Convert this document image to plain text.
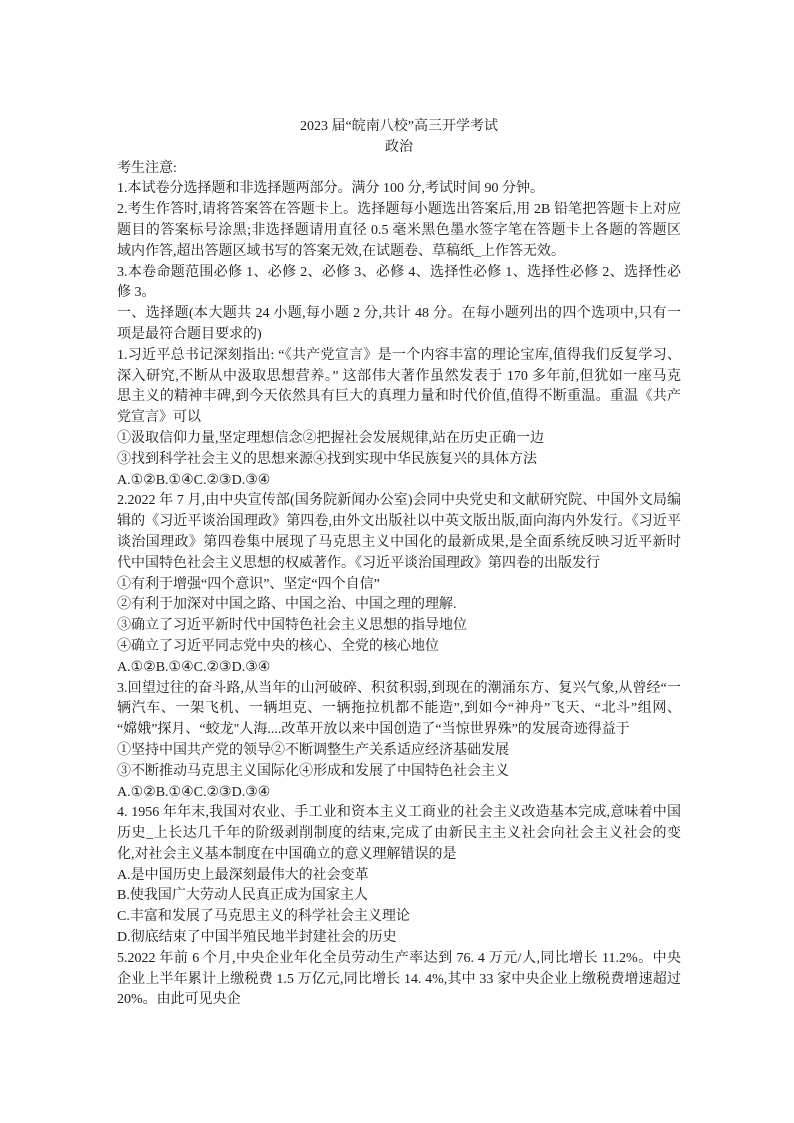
2023 届“皖南八校”高三开学考试
政治
考生注意:
1.本试卷分选择题和非选择题两部分。满分 100 分,考试时间 90 分钟。
2.考生作答时,请将答案答在答题卡上。选择题每小题选出答案后,用 2B 铅笔把答题卡上对应
题目的答案标号涂黑;非选择题请用直径 0.5 毫米黑色墨水签字笔在答题卡上各题的答题区
域内作答,超出答题区域书写的答案无效,在试题卷、草稿纸_上作答无效。
3.本卷命题范围必修 1、必修 2、必修 3、必修 4、选择性必修 1、选择性必修 2、选择性必
修 3。
一、选择题(本大题共 24 小题,每小题 2 分,共计 48 分。在每小题列出的四个选项中,只有一
项是最符合题目要求的)
1.习近平总书记深刻指出: “《共产党宣言》是一个内容丰富的理论宝库,值得我们反复学习、
深入研究,不断从中汲取思想营养。” 这部伟大著作虽然发表于 170 多年前,但犹如一座马克
思主义的精神丰碑,到今天依然具有巨大的真理力量和时代价值,值得不断重温。重温《共产
党宣言》可以
①汲取信仰力量,坚定理想信念②把握社会发展规律,站在历史正确一边
③找到科学社会主义的思想来源④找到实现中华民族复兴的具体方法
A.①②B.①④C.②③D.③④
2.2022 年 7 月,由中央宣传部(国务院新闻办公室)会同中央党史和文献研究院、中国外文局编
辑的《习近平谈治国理政》第四卷,由外文出版社以中英文版出版,面向海内外发行。《习近平
谈治国理政》第四卷集中展现了马克思主义中国化的最新成果,是全面系统反映习近平新时
代中国特色社会主义思想的权威著作。《习近平谈治国理政》第四卷的出版发行
①有利于增强“四个意识”、坚定“四个自信”
②有利于加深对中国之路、中国之治、中国之理的理解.
③确立了习近平新时代中国特色社会主义思想的指导地位
④确立了习近平同志党中央的核心、全党的核心地位
A.①②B.①④C.②③D.③④
3.回望过往的奋斗路,从当年的山河破碎、积贫积弱,到现在的潮涌东方、复兴气象,从曾经“一
辆汽车、一架飞机、一辆坦克、一辆拖拉机都不能造”,到如今“神舟”飞天、“北斗”组网、
“嫦娥”探月、“蛟龙"人海....改革开放以来中国创造了“当惊世界殊”的发展奇迹得益于
①坚持中国共产党的领导②不断调整生产关系适应经济基础发展
③不断推动马克思主义国际化④形成和发展了中国特色社会主义
A.①②B.①④C.②③D.③④
4. 1956 年年末,我国对农业、手工业和资本主义工商业的社会主义改造基本完成,意味着中国
历史_上长达几千年的阶级剥削制度的结束,完成了由新民主主义社会向社会主义社会的变
化,对社会主义基本制度在中国确立的意义理解错误的是
A.是中国历史上最深刻最伟大的社会变革
B.使我国广大劳动人民真正成为国家主人
C.丰富和发展了马克思主义的科学社会主义理论
D.彻底结束了中国半殖民地半封建社会的历史
5.2022 年前 6 个月,中央企业年化全员劳动生产率达到 76. 4 万元/人,同比增长 11.2%。中央
企业上半年累计上缴税费 1.5 万亿元,同比增长 14. 4%,其中 33 家中央企业上缴税费增速超过
20%。由此可见央企
